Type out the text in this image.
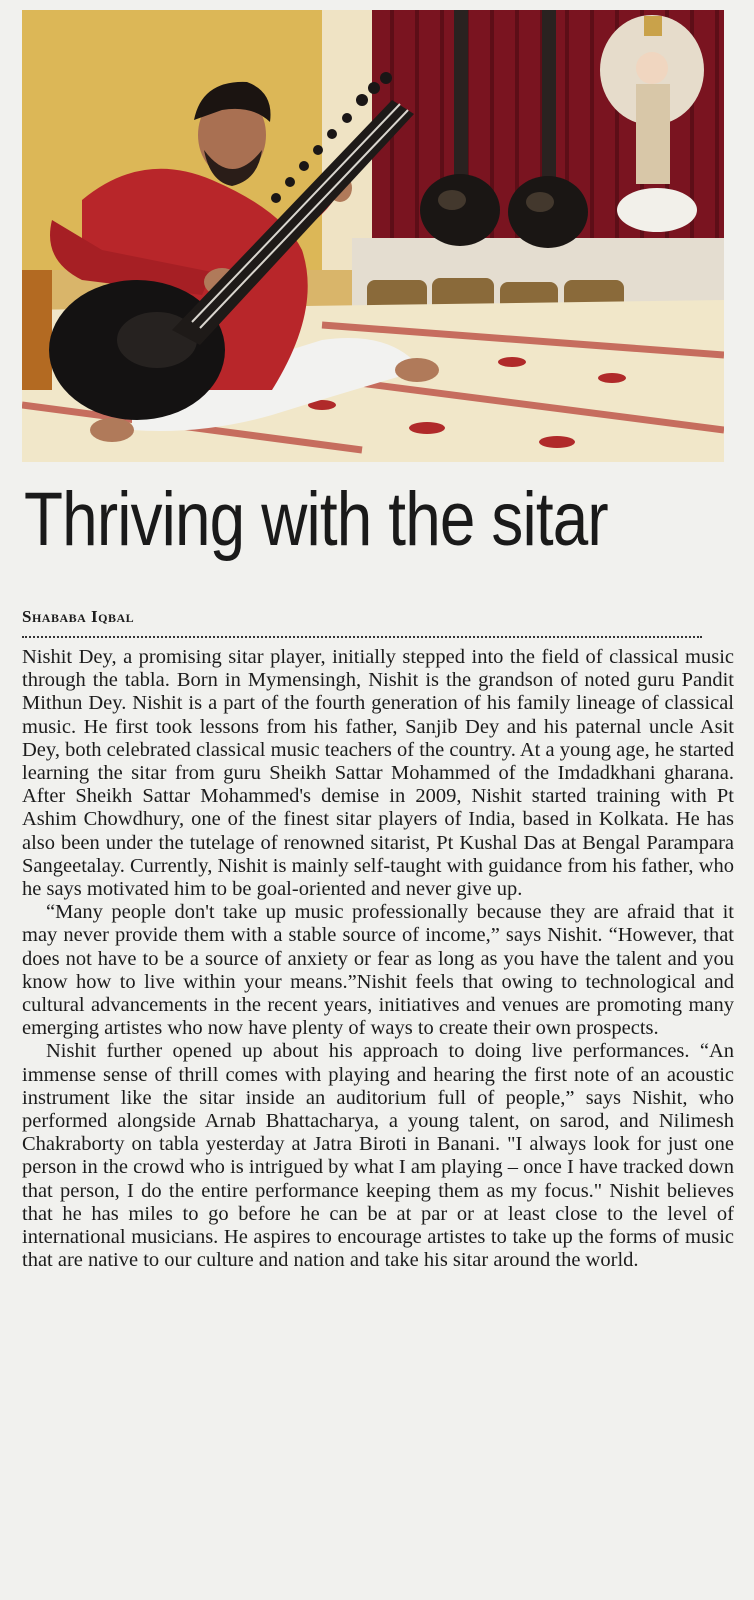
Thriving with the sitar
Shababa Iqbal

Nishit Dey, a promising sitar player, initially stepped into the field of classical music through the tabla. Born in Mymensingh, Nishit is the grandson of noted guru Pandit Mithun Dey. Nishit is a part of the fourth generation of his family lineage of classical music. He first took lessons from his father, Sanjib Dey and his paternal uncle Asit Dey, both celebrated classical music teachers of the country. At a young age, he started learning the sitar from guru Sheikh Sattar Mohammed of the Imdadkhani gharana. After Sheikh Sattar Mohammed's demise in 2009, Nishit started training with Pt Ashim Chowdhury, one of the finest sitar players of India, based in Kolkata. He has also been under the tutelage of renowned sitarist, Pt Kushal Das at Bengal Parampara Sangeetalay. Currently, Nishit is mainly self-taught with guidance from his father, who he says motivated him to be goal-oriented and never give up.

“Many people don't take up music professionally because they are afraid that it may never provide them with a stable source of income,” says Nishit. “However, that does not have to be a source of anxiety or fear as long as you have the talent and you know how to live within your means.”Nishit feels that owing to technological and cultural advancements in the recent years, initiatives and venues are promoting many emerging artistes who now have plenty of ways to create their own prospects.

Nishit further opened up about his approach to doing live performances. “An immense sense of thrill comes with playing and hearing the first note of an acoustic instrument like the sitar inside an auditorium full of people,” says Nishit, who performed alongside Arnab Bhattacharya, a young talent, on sarod, and Nilimesh Chakraborty on tabla yesterday at Jatra Biroti in Banani. "I always look for just one person in the crowd who is intrigued by what I am playing – once I have tracked down that person, I do the entire performance keeping them as my focus." Nishit believes that he has miles to go before he can be at par or at least close to the level of international musicians. He aspires to encourage artistes to take up the forms of music that are native to our culture and nation and take his sitar around the world.
